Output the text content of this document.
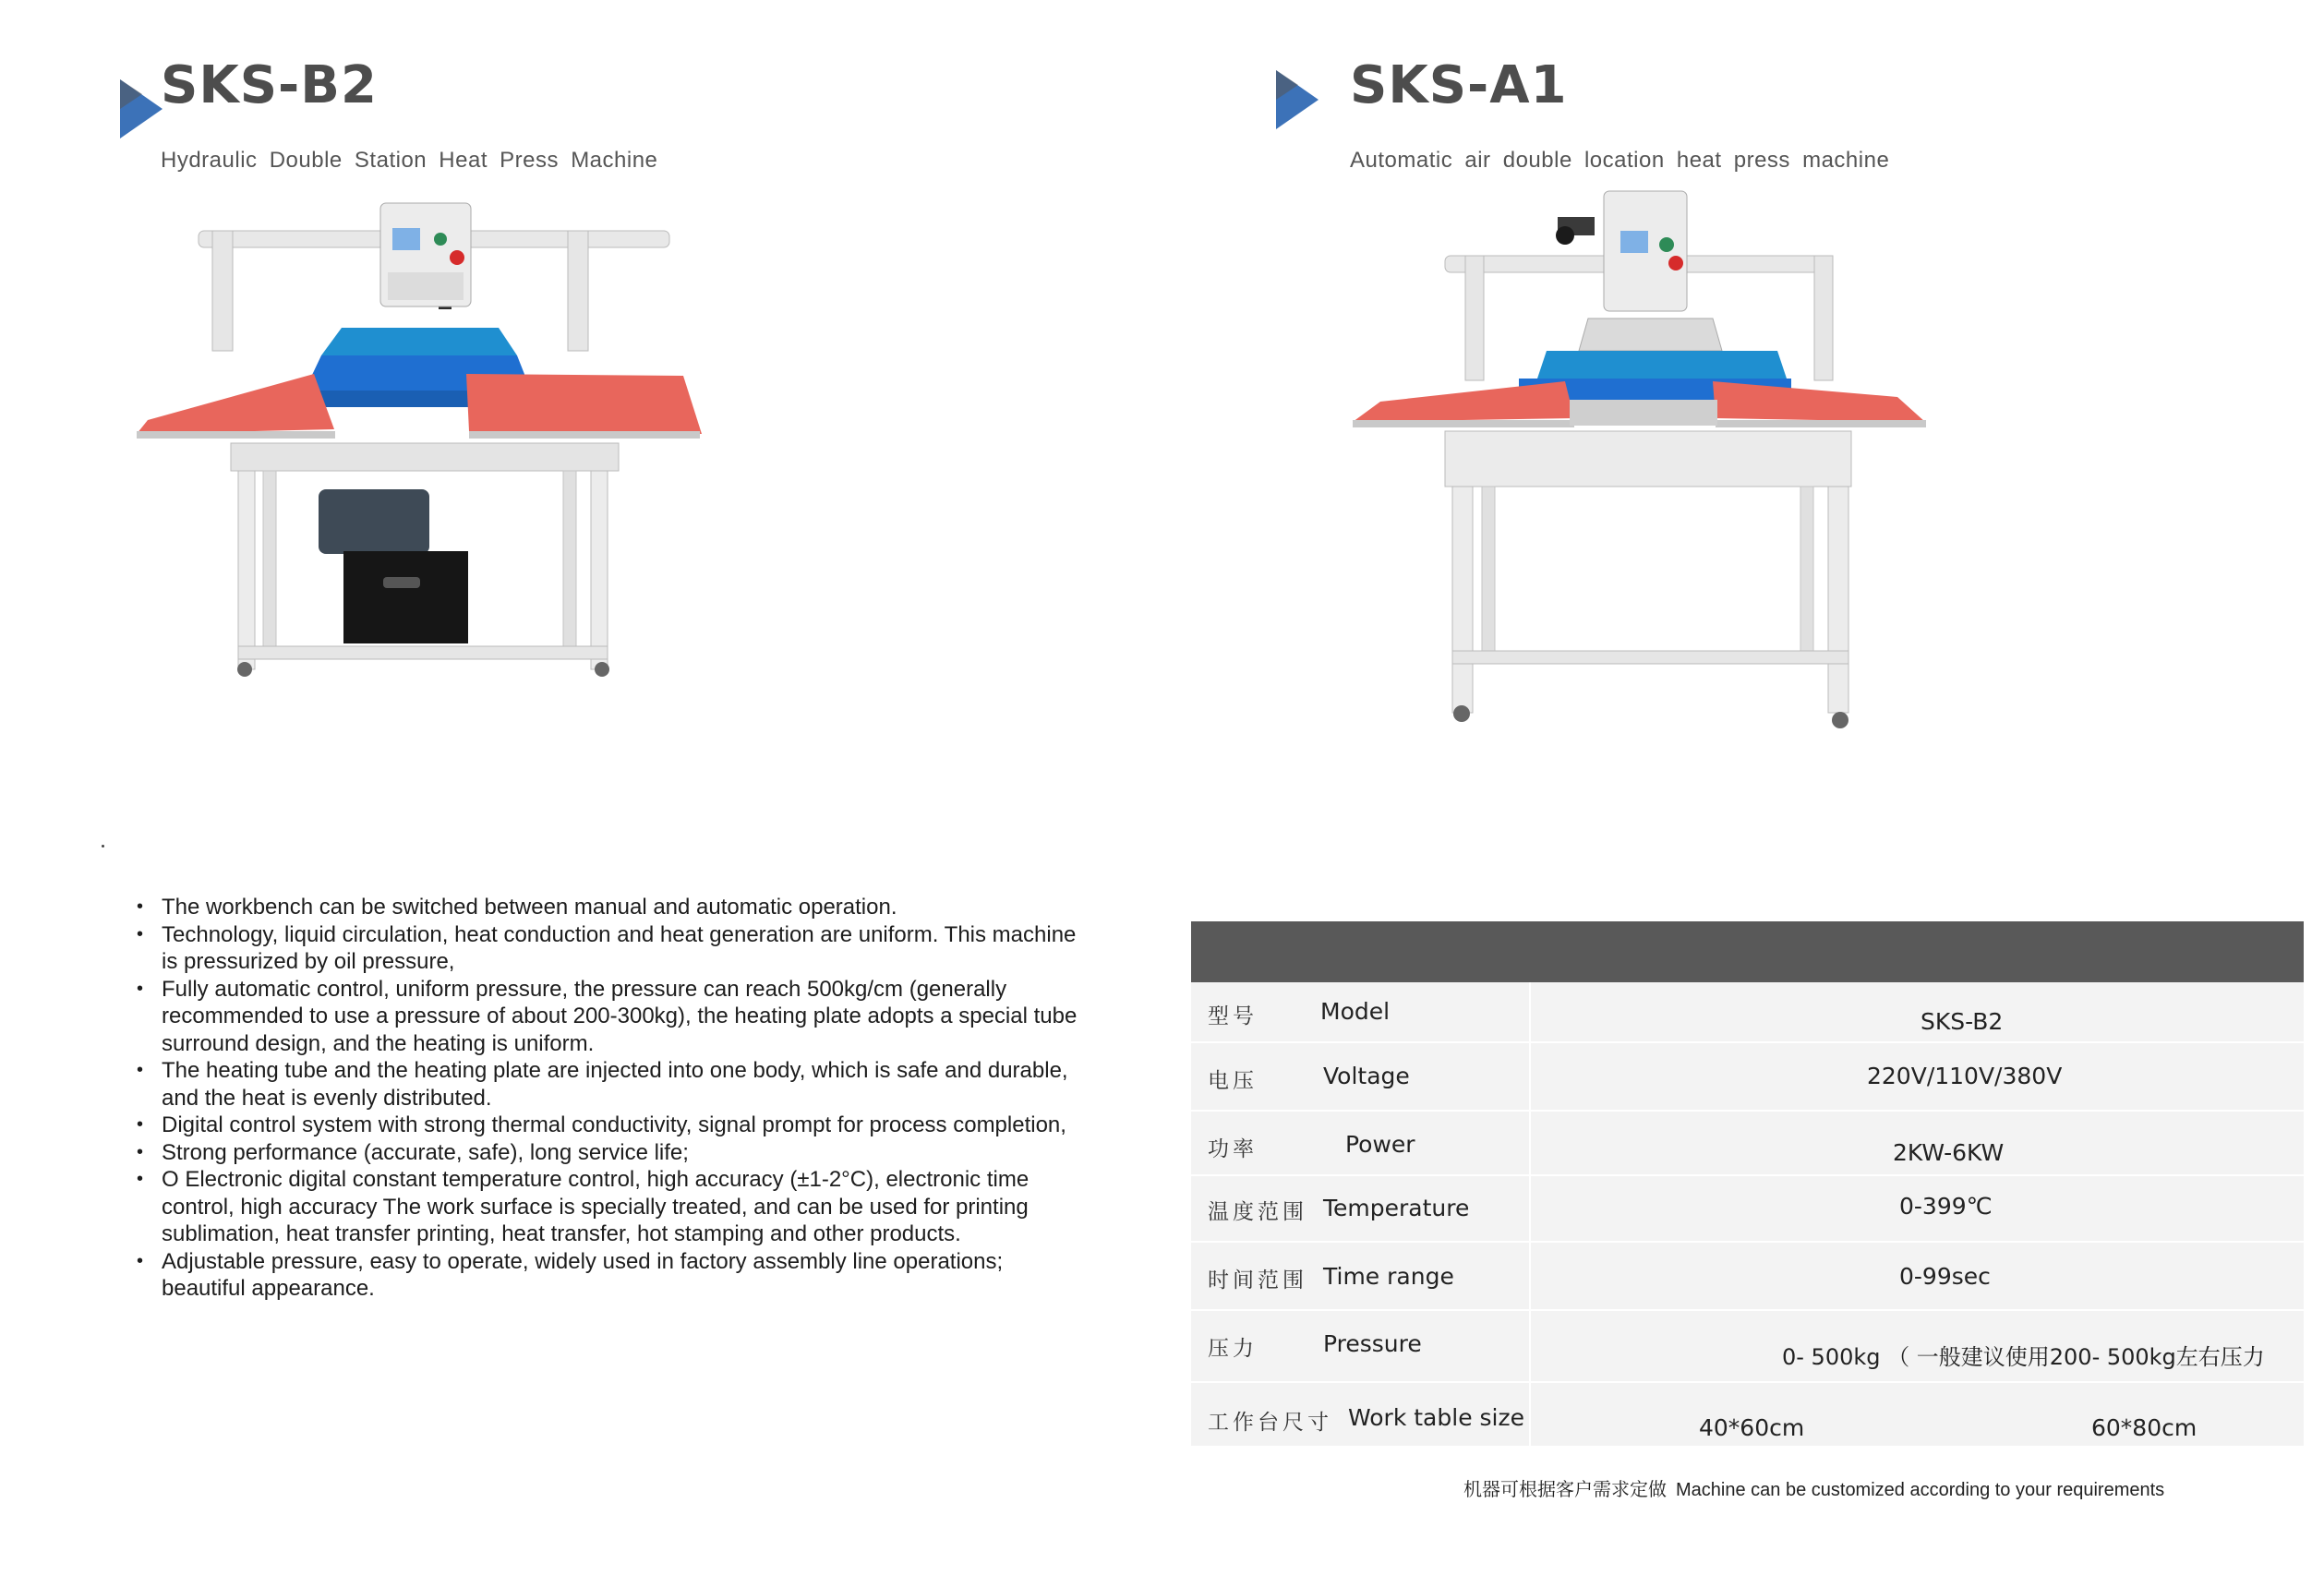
SKS-B2
Hydraulic Double Station Heat Press Machine
SKS-A1
Automatic air double location heat press machine
• The workbench can be switched between manual and automatic operation.
• Technology, liquid circulation, heat conduction and heat generation are uniform. This machine is pressurized by oil pressure,
• Fully automatic control, uniform pressure, the pressure can reach 500kg/cm (generally recommended to use a pressure of about 200-300kg), the heating plate adopts a special tube surround design, and the heating is uniform.
• The heating tube and the heating plate are injected into one body, which is safe and durable, and the heat is evenly distributed.
• Digital control system with strong thermal conductivity, signal prompt for process completion,
• Strong performance (accurate, safe), long service life;
• O Electronic digital constant temperature control, high accuracy (±1-2°C), electronic time control, high accuracy The work surface is specially treated, and can be used for printing sublimation, heat transfer printing, heat transfer, hot stamping and other products.
• Adjustable pressure, easy to operate, widely used in factory assembly line operations; beautiful appearance.
型号	Model	SKS-B2
电压	Voltage	220V/110V/380V
功率	Power	2KW-6KW
温度范围 Temperature	0-399℃
时间范围 Time range	0-99sec
压力	Pressure	0- 500kg （ 一般建议使用200- 500kg左右压力
工作台尺寸 Work table size	40*60cm	60*80cm
机器可根据客户需求定做 Machine can be customized according to your requirements
